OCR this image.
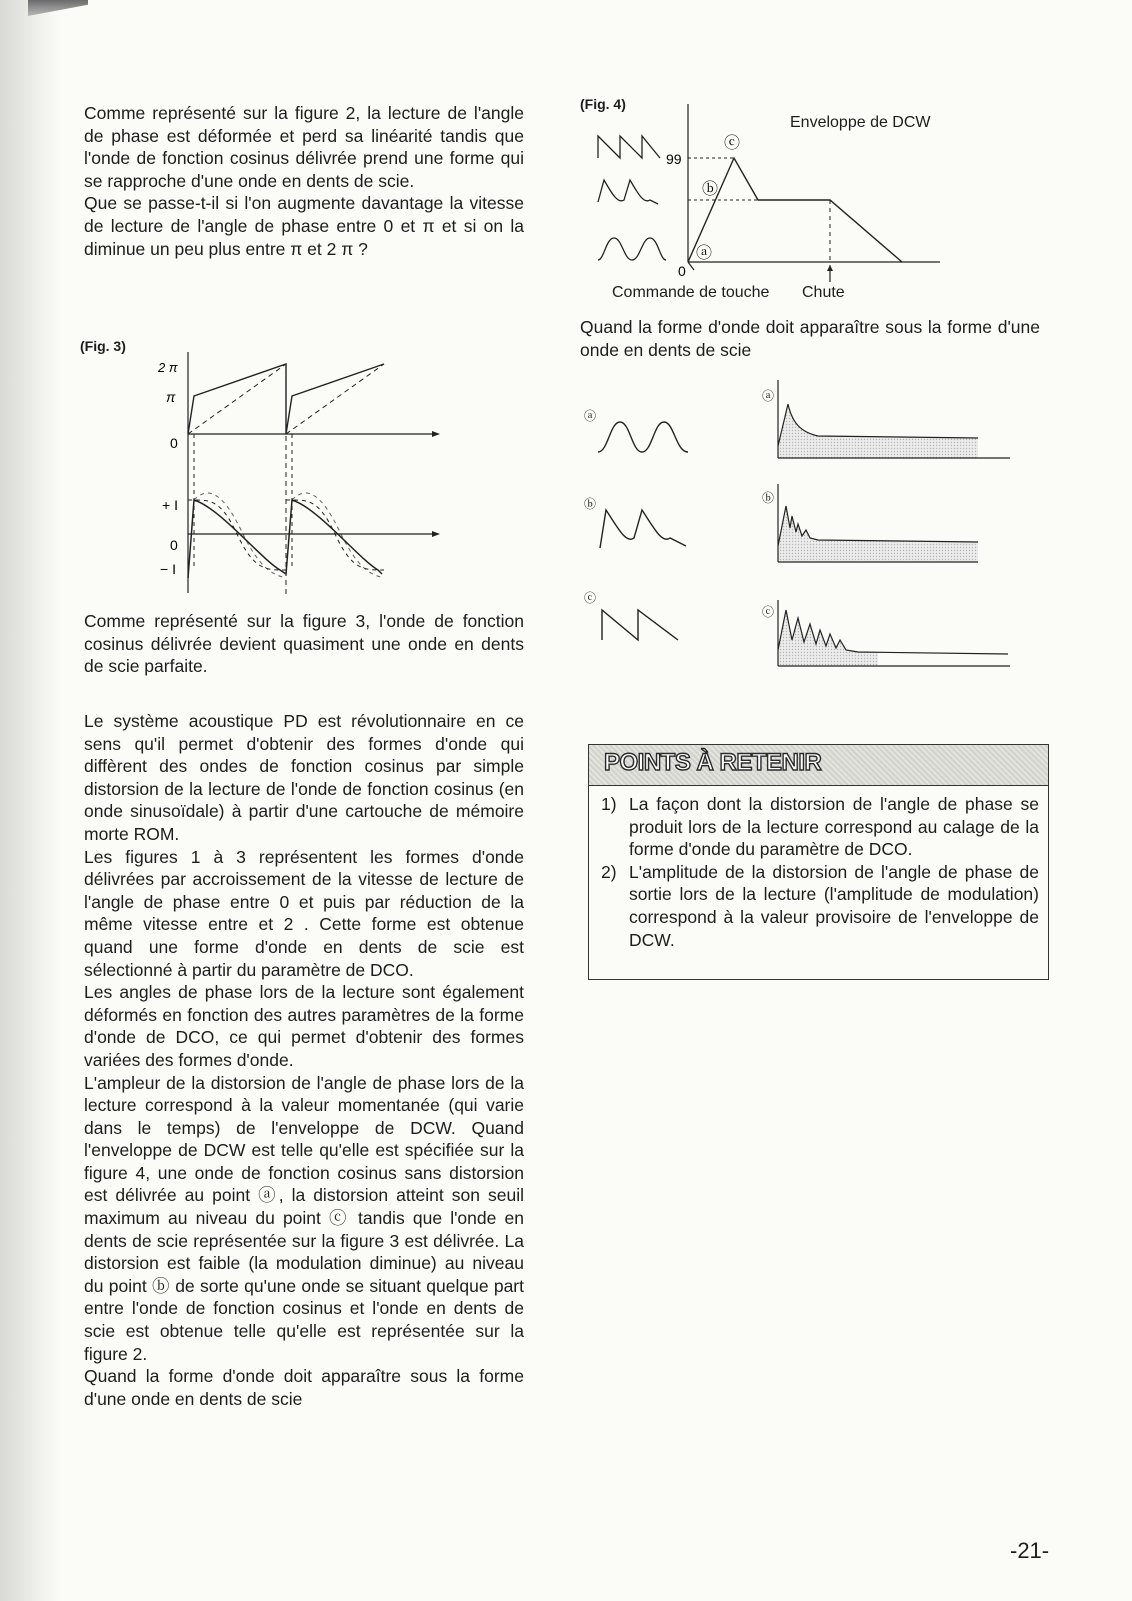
Comme représenté sur la figure 2, la lecture de l'angle de phase est déformée et perd sa linéarité tandis que l'onde de fonction cosinus délivrée prend une forme qui se rapproche d'une onde en dents de scie.
Que se passe-t-il si l'on augmente davantage la vitesse de lecture de l'angle de phase entre 0 et π et si on la diminue un peu plus entre π et 2 π ?

(Fig. 3)
2 π
π
0
+ I
0
− I

Comme représenté sur la figure 3, l'onde de fonction cosinus délivrée devient quasiment une onde en dents de scie parfaite.

Le système acoustique PD est révolutionnaire en ce sens qu'il permet d'obtenir des formes d'onde qui diffèrent des ondes de fonction cosinus par simple distorsion de la lecture de l'onde de fonction cosinus (en onde sinusoïdale) à partir d'une cartouche de mémoire morte ROM.
Les figures 1 à 3 représentent les formes d'onde délivrées par accroissement de la vitesse de lecture de l'angle de phase entre 0 et puis par réduction de la même vitesse entre et 2 . Cette forme est obtenue quand une forme d'onde en dents de scie est sélectionné à partir du paramètre de DCO.
Les angles de phase lors de la lecture sont également déformés en fonction des autres paramètres de la forme d'onde de DCO, ce qui permet d'obtenir des formes variées des formes d'onde.
L'ampleur de la distorsion de l'angle de phase lors de la lecture correspond à la valeur momentanée (qui varie dans le temps) de l'enveloppe de DCW. Quand l'enveloppe de DCW est telle qu'elle est spécifiée sur la figure 4, une onde de fonction cosinus sans distorsion est délivrée au point ⓐ, la distorsion atteint son seuil maximum au niveau du point ⓒ tandis que l'onde en dents de scie représentée sur la figure 3 est délivrée. La distorsion est faible (la modulation diminue) au niveau du point ⓑ de sorte qu'une onde se situant quelque part entre l'onde de fonction cosinus et l'onde en dents de scie est obtenue telle qu'elle est représentée sur la figure 2.
Quand la forme d'onde doit apparaître sous la forme d'une onde en dents de scie

(Fig. 4)
Enveloppe de DCW
99
0
ⓒ
ⓑ
ⓐ
Commande de touche Chute

Quand la forme d'onde doit apparaître sous la forme d'une onde en dents de scie

ⓐ
ⓐ
ⓑ	ⓑ
ⓒ
ⓒ
POINTS À RETENIR
1) La façon dont la distorsion de l'angle de phase se produit lors de la lecture correspond au calage de la forme d'onde du paramètre de DCO.
2) L'amplitude de la distorsion de l'angle de phase de sortie lors de la lecture (l'amplitude de modulation) correspond à la valeur provisoire de l'enveloppe de DCW.
-21-
